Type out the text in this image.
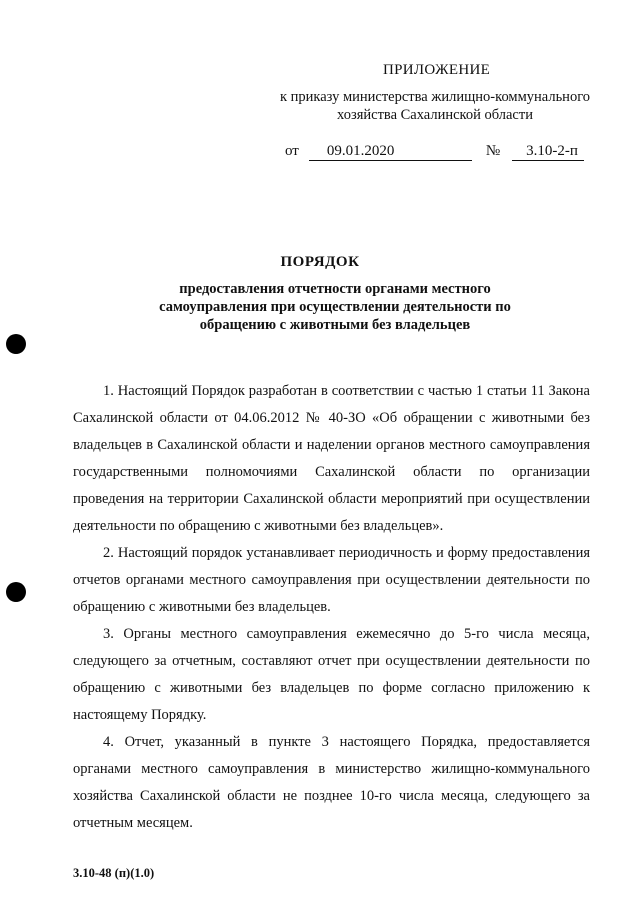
ПРИЛОЖЕНИЕ
к приказу министерства жилищно-коммунального хозяйства Сахалинской области
от	09.01.2020	№	3.10-2-п
ПОРЯДОК
предоставления отчетности органами местного самоуправления при осуществлении деятельности по обращению с животными без владельцев

1. Настоящий Порядок разработан в соответствии с частью 1 статьи 11 Закона Сахалинской области от 04.06.2012 № 40-ЗО «Об обращении с животными без владельцев в Сахалинской области и наделении органов местного самоуправления государственными полномочиями Сахалинской области по организации проведения на территории Сахалинской области мероприятий при осуществлении деятельности по обращению с животными без владельцев».

2. Настоящий порядок устанавливает периодичность и форму предоставления отчетов органами местного самоуправления при осуществлении деятельности по обращению с животными без владельцев.

3. Органы местного самоуправления ежемесячно до 5-го числа месяца, следующего за отчетным, составляют отчет при осуществлении деятельности по обращению с животными без владельцев по форме согласно приложению к настоящему Порядку.

4. Отчет, указанный в пункте 3 настоящего Порядка, предоставляется органами местного самоуправления в министерство жилищно-коммунального хозяйства Сахалинской области не позднее 10-го числа месяца, следующего за отчетным месяцем.

3.10-48 (п)(1.0)
